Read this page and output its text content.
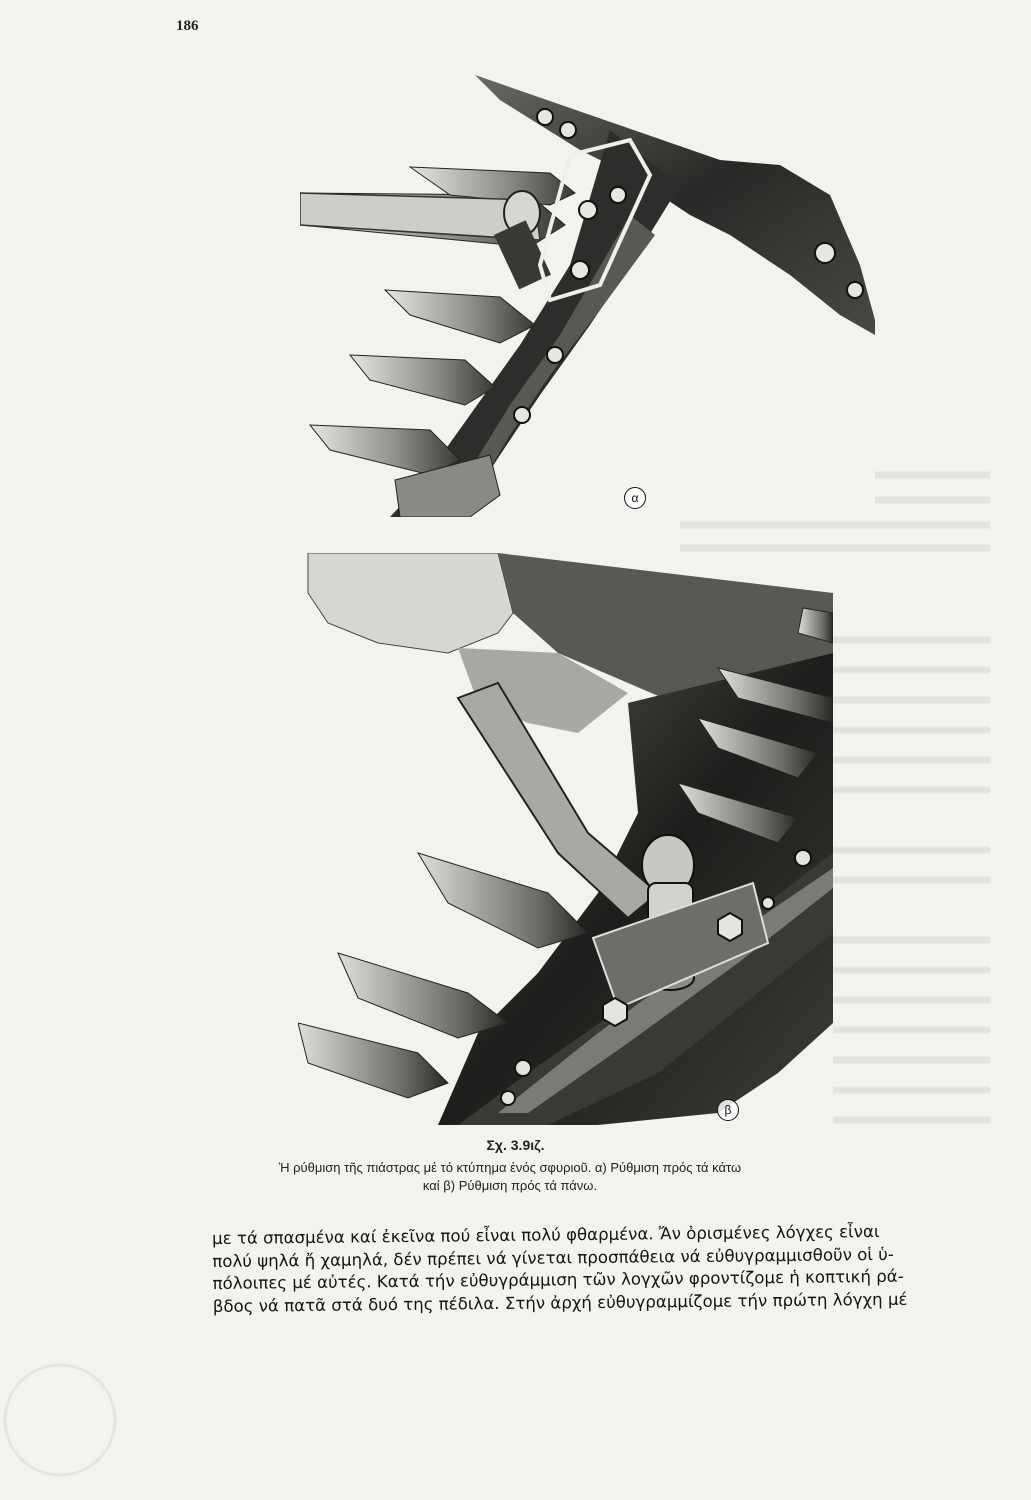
186
α
β
Σχ. 3.9ιζ.
Ἡ ρύθμιση τῆς πιάστρας μέ τό κτύπημα ἑνός σφυριοῦ. α) Ρύθμιση πρός τά κάτω καί β) Ρύθμιση πρός τά πάνω.

με τά σπασμένα καί ἐκεῖνα πού εἶναι πολύ φθαρμένα. Ἄν ὁρισμένες λόγχες εἶναι

πολύ ψηλά ἤ χαμηλά, δέν πρέπει νά γίνεται προσπάθεια νά εὐθυγραμμισθοῦν οἱ ὑ-

πόλοιπες μέ αὐτές. Κατά τήν εὐθυγράμμιση τῶν λογχῶν φροντίζομε ἡ κοπτική ρά-

βδος νά πατᾶ στά δυό της πέδιλα. Στήν ἀρχή εὐθυγραμμίζομε τήν πρώτη λόγχη μέ
